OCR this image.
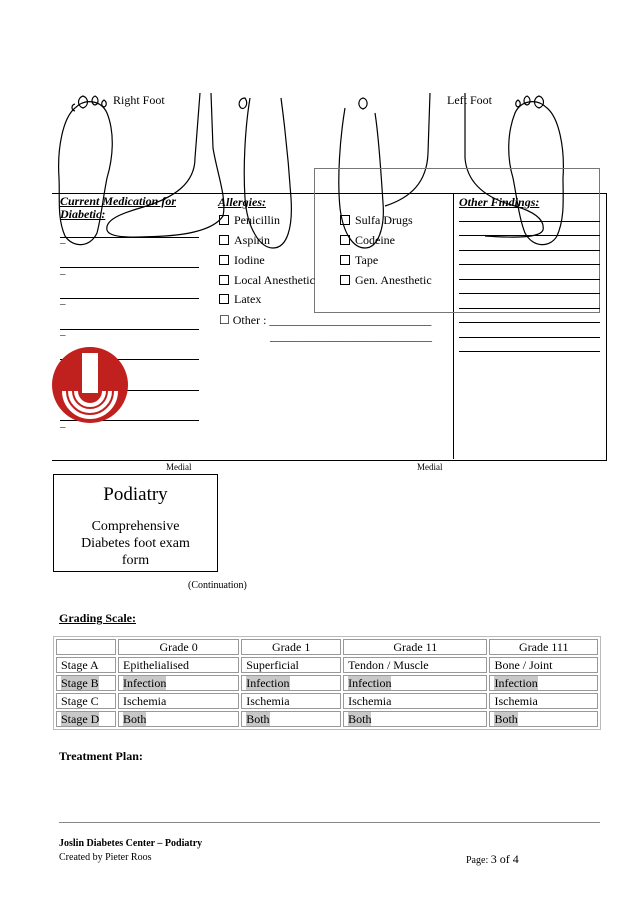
Right Foot	Left Foot
Current Medication for
Diabetic:
_
_
_
_
_
Allergies:
Penicillin	Sulfa Drugs
Aspirin	Codeine
Iodine	Tape
Local Anesthetic	Gen. Anesthetic
Latex
☐ Other : ___________________________
___________________________
Other Findings:
Medial	Medial
Podiatry
Comprehensive Diabetes foot exam form
(Continuation)
Grading Scale:
	Grade 0	Grade 1	Grade 11	Grade 111
Stage A	Epithelialised	Superficial	Tendon / Muscle	Bone / Joint
Stage B	Infection	Infection	Infection	Infection
Stage C	Ischemia	Ischemia	Ischemia	Ischemia
Stage D	Both	Both	Both	Both
Treatment Plan:
Joslin Diabetes Center – Podiatry
Created by Pieter Roos	Page: 3 of 4
